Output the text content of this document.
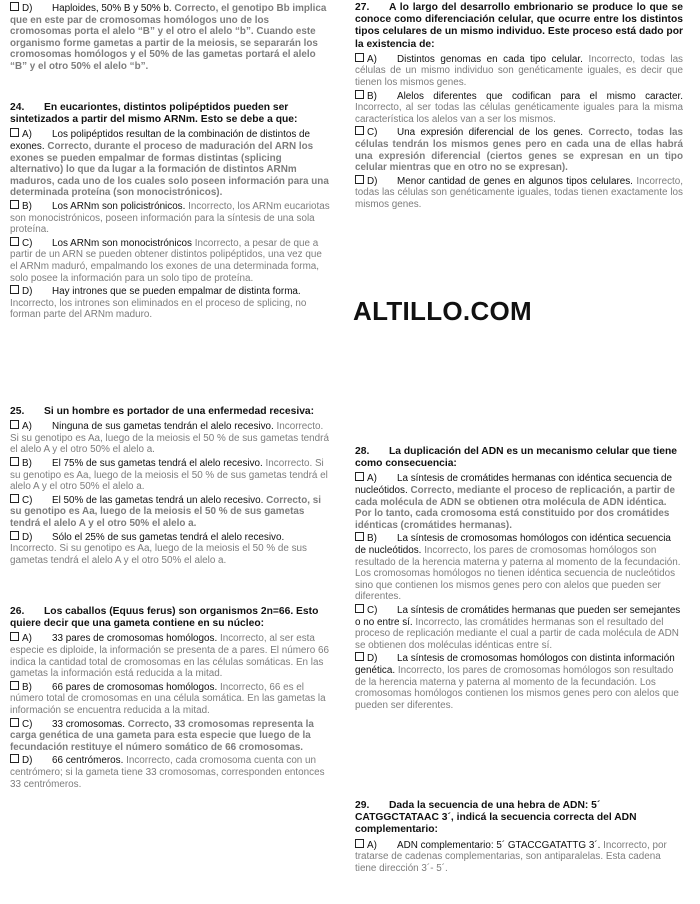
D) Haploides, 50% B y 50% b. Correcto, el genotipo Bb implica que en este par de cromosomas homólogos uno de los cromosomas porta el alelo “B” y el otro el alelo “b”. Cuando este organismo forme gametas a partir de la meiosis, se separarán los cromosomas homólogos y el 50% de las gametas portará el alelo “B” y el otro 50% el alelo “b”.
24. En eucariontes, distintos polipéptidos pueden ser sintetizados a partir del mismo ARNm. Esto se debe a que:
A) Los polipéptidos resultan de la combinación de distintos de exones. Correcto, durante el proceso de maduración del ARN los exones se pueden empalmar de formas distintas (splicing alternativo) lo que da lugar a la formación de distintos ARNm maduros, cada uno de los cuales solo poseen información para una determinada proteína (son monocistrónicos).
B) Los ARNm son policistrónicos. Incorrecto, los ARNm eucariotas son monocistrónicos, poseen información para la síntesis de una sola proteína.
C) Los ARNm son monocistrónicos Incorrecto, a pesar de que a partir de un ARN se pueden obtener distintos polipéptidos, una vez que el ARNm maduró, empalmando los exones de una determinada forma, solo posee la información para un solo tipo de proteína.
D) Hay intrones que se pueden empalmar de distinta forma. Incorrecto, los intrones son eliminados en el proceso de splicing, no forman parte del ARNm maduro.
25. Si un hombre es portador de una enfermedad recesiva:
A) Ninguna de sus gametas tendrán el alelo recesivo. Incorrecto. Si su genotipo es Aa, luego de la meiosis el 50 % de sus gametas tendrá el alelo A y el otro 50% el alelo a.
B) El 75% de sus gametas tendrá el alelo recesivo. Incorrecto. Si su genotipo es Aa, luego de la meiosis el 50 % de sus gametas tendrá el alelo A y el otro 50% el alelo a.
C) El 50% de las gametas tendrá un alelo recesivo. Correcto, si su genotipo es Aa, luego de la meiosis el 50 % de sus gametas tendrá el alelo A y el otro 50% el alelo a.
D) Sólo el 25% de sus gametas tendrá el alelo recesivo. Incorrecto. Si su genotipo es Aa, luego de la meiosis el 50 % de sus gametas tendrá el alelo A y el otro 50% el alelo a.
26. Los caballos (Equus ferus) son organismos 2n=66. Esto quiere decir que una gameta contiene en su núcleo:
A) 33 pares de cromosomas homólogos. Incorrecto, al ser esta especie es diploide, la información se presenta de a pares. El número 66 indica la cantidad total de cromosomas en las células somáticas. En las gametas la información está reducida a la mitad.
B) 66 pares de cromosomas homólogos. Incorrecto, 66 es el número total de cromosomas en una célula somática. En las gametas la información se encuentra reducida a la mitad.
C) 33 cromosomas. Correcto, 33 cromosomas representa la carga genética de una gameta para esta especie que luego de la fecundación restituye el número somático de 66 cromosomas.
D) 66 centrómeros. Incorrecto, cada cromosoma cuenta con un centrómero; si la gameta tiene 33 cromosomas, corresponden entonces 33 centrómeros.
27. A lo largo del desarrollo embrionario se produce lo que se conoce como diferenciación celular, que ocurre entre los distintos tipos celulares de un mismo individuo. Este proceso está dado por la existencia de:
A) Distintos genomas en cada tipo celular. Incorrecto, todas las células de un mismo individuo son genéticamente iguales, es decir que tienen los mismos genes.
B) Alelos diferentes que codifican para el mismo caracter. Incorrecto, al ser todas las células genéticamente iguales para la misma característica los alelos van a ser los mismos.
C) Una expresión diferencial de los genes. Correcto, todas las células tendrán los mismos genes pero en cada una de ellas habrá una expresión diferencial (ciertos genes se expresan en un tipo celular mientras que en otro no se expresan).
D) Menor cantidad de genes en algunos tipos celulares. Incorrecto, todas las células son genéticamente iguales, todas tienen exactamente los mismos genes.
28. La duplicación del ADN es un mecanismo celular que tiene como consecuencia:
A) La síntesis de cromátides hermanas con idéntica secuencia de nucleótidos. Correcto, mediante el proceso de replicación, a partir de cada molécula de ADN se obtienen otra molécula de ADN idéntica. Por lo tanto, cada cromosoma está constituido por dos cromátides idénticas (cromátides hermanas).
B) La síntesis de cromosomas homólogos con idéntica secuencia de nucleótidos. Incorrecto, los pares de cromosomas homólogos son resultado de la herencia materna y paterna al momento de la fecundación. Los cromosomas homólogos no tienen idéntica secuencia de nucleótidos sino que contienen los mismos genes pero con alelos que pueden ser diferentes.
C) La síntesis de cromátides hermanas que pueden ser semejantes o no entre sí. Incorrecto, las cromátides hermanas son el resultado del proceso de replicación mediante el cual a partir de cada molécula de ADN se obtienen dos moléculas idénticas entre sí.
D) La síntesis de cromosomas homólogos con distinta información genética. Incorrecto, los pares de cromosomas homólogos son resultado de la herencia materna y paterna al momento de la fecundación. Los cromosomas homólogos contienen los mismos genes pero con alelos que pueden ser diferentes.
29. Dada la secuencia de una hebra de ADN: 5´ CATGGCTATAAC 3´, indicá la secuencia correcta del ADN complementario:
A) ADN complementario: 5´ GTACCGATATTG 3´. Incorrecto, por tratarse de cadenas complementarias, son antiparalelas. Esta cadena tiene dirección 3´- 5´.
ALTILLO.COM
